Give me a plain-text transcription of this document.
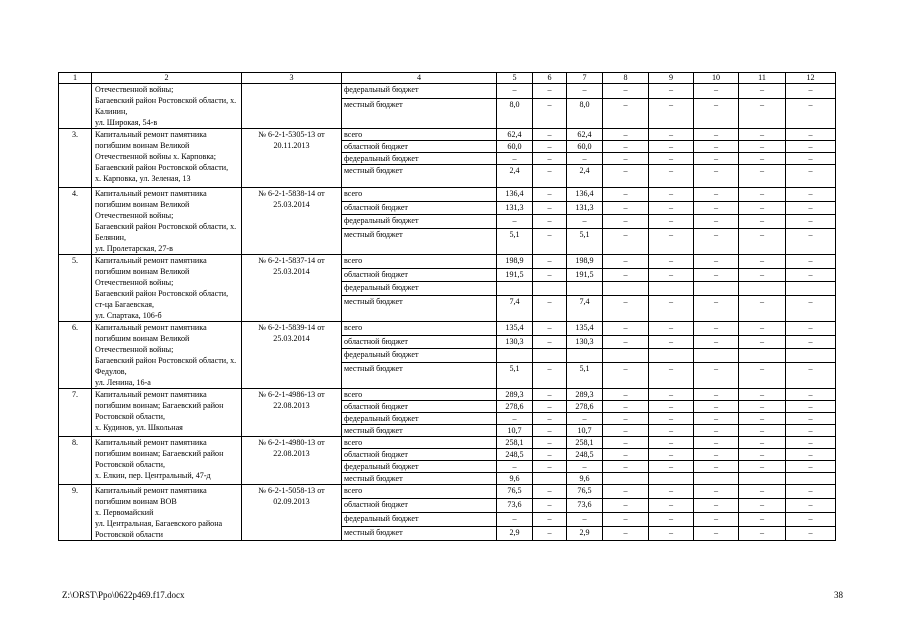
1	2	3	4	5	6	7	8	9	10	11	12
	Отечественной войны;
Багаевский район Ростовской области, х. Калинин,
ул. Широкая, 54-в		федеральный бюджет	–	–	–	–	–	–	–	–
			местный бюджет	8,0	–	8,0	–	–	–	–	–
3.	Капитальный ремонт памятника погибшим воинам Великой Отечественной войны х. Карповка; Багаевский район Ростовской области,
х. Карповка, ул. Зеленая, 13	№ 6-2-1-5305-13 от 20.11.2013	всего	62,4	–	62,4	–	–	–	–	–
			областной бюджет	60,0	–	60,0	–	–	–	–	–
			федеральный бюджет	–	–	–	–	–	–	–	–
			местный бюджет	2,4	–	2,4	–	–	–	–	–
4.	Капитальный ремонт памятника погибшим воинам Великой Отечественной войны;
Багаевский район Ростовской области, х. Белянин,
ул. Пролетарская, 27-в	№ 6-2-1-5838-14 от 25.03.2014	всего	136,4	–	136,4	–	–	–	–	–
			областной бюджет	131,3	–	131,3	–	–	–	–	–
			федеральный бюджет	–	–	–	–	–	–	–	–
			местный бюджет	5,1	–	5,1	–	–	–	–	–
5.	Капитальный ремонт памятника погибшим воинам Великой Отечественной войны;
Багаевский район Ростовской области, ст-ца Багаевская,
ул. Спартака, 106-б	№ 6-2-1-5837-14 от 25.03.2014	всего	198,9	–	198,9	–	–	–	–	–
			областной бюджет	191,5	–	191,5	–	–	–	–	–
			федеральный бюджет								
			местный бюджет	7,4	–	7,4	–	–	–	–	–
6.	Капитальный ремонт памятника погибшим воинам Великой Отечественной войны;
Багаевский район Ростовской области, х. Федулов,
ул. Ленина, 16-а	№ 6-2-1-5839-14 от 25.03.2014	всего	135,4	–	135,4	–	–	–	–	–
			областной бюджет	130,3	–	130,3	–	–	–	–	–
			федеральный бюджет								
			местный бюджет	5,1	–	5,1	–	–	–	–	–
7.	Капитальный ремонт памятника погибшим воинам; Багаевский район Ростовской области,
х. Кудинов, ул. Школьная	№ 6-2-1-4986-13 от 22.08.2013	всего	289,3	–	289,3	–	–	–	–	–
			областной бюджет	278,6	–	278,6	–	–	–	–	–
			федеральный бюджет	–	–	–	–	–	–	–	–
			местный бюджет	10,7	–	10,7	–	–	–	–	–
8.	Капитальный ремонт памятника погибшим воинам; Багаевский район Ростовской области,
х. Елкин, пер. Центральный, 47-д	№ 6-2-1-4980-13 от 22.08.2013	всего	258,1	–	258,1	–	–	–	–	–
			областной бюджет	248,5	–	248,5	–	–	–	–	–
			федеральный бюджет	–	–	–	–	–	–	–	–
			местный бюджет	9,6		9,6					
9.	Капитальный ремонт памятника погибшим воинам ВОВ
х. Первомайский
ул. Центральная, Багаевского района Ростовской области	№ 6-2-1-5058-13 от 02.09.2013	всего	76,5	–	76,5	–	–	–	–	–
			областной бюджет	73,6	–	73,6	–	–	–	–	–
			федеральный бюджет	–	–	–	–	–	–	–	–
			местный бюджет	2,9	–	2,9	–	–	–	–	–
Z:\ORST\Ppo\0622p469.f17.docx	38
